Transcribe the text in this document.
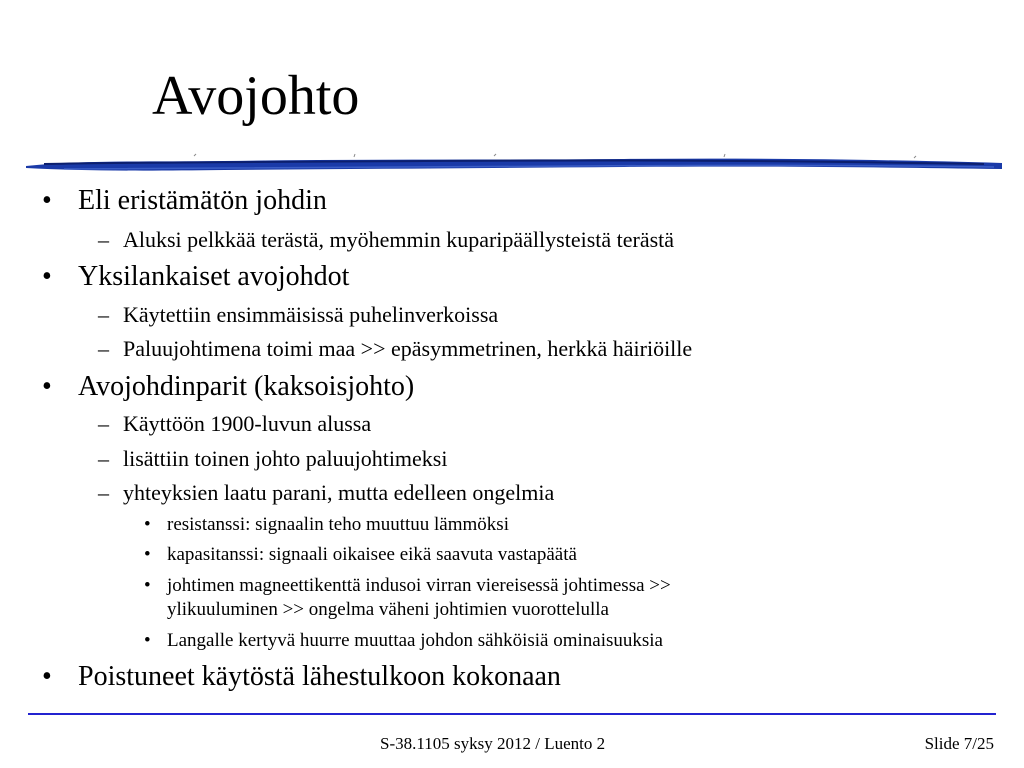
Avojohto
• Eli eristämätön johdin
– Aluksi pelkkää terästä, myöhemmin kuparipäällysteistä terästä
• Yksilankaiset avojohdot
– Käytettiin ensimmäisissä puhelinverkoissa
– Paluujohtimena toimi maa >> epäsymmetrinen, herkkä häiriöille
• Avojohdinparit (kaksoisjohto)
– Käyttöön 1900-luvun alussa
– lisättiin toinen johto paluujohtimeksi
– yhteyksien laatu parani, mutta edelleen ongelmia
• resistanssi: signaalin teho muuttuu lämmöksi
• kapasitanssi: signaali oikaisee eikä saavuta vastapäätä
• johtimen magneettikenttä indusoi virran viereisessä johtimessa >>
ylikuuluminen >> ongelma väheni johtimien vuorottelulla
• Langalle kertyvä huurre muuttaa johdon sähköisiä ominaisuuksia
• Poistuneet käytöstä lähestulkoon kokonaan
S-38.1105 syksy 2012 / Luento 2	Slide 7/25
